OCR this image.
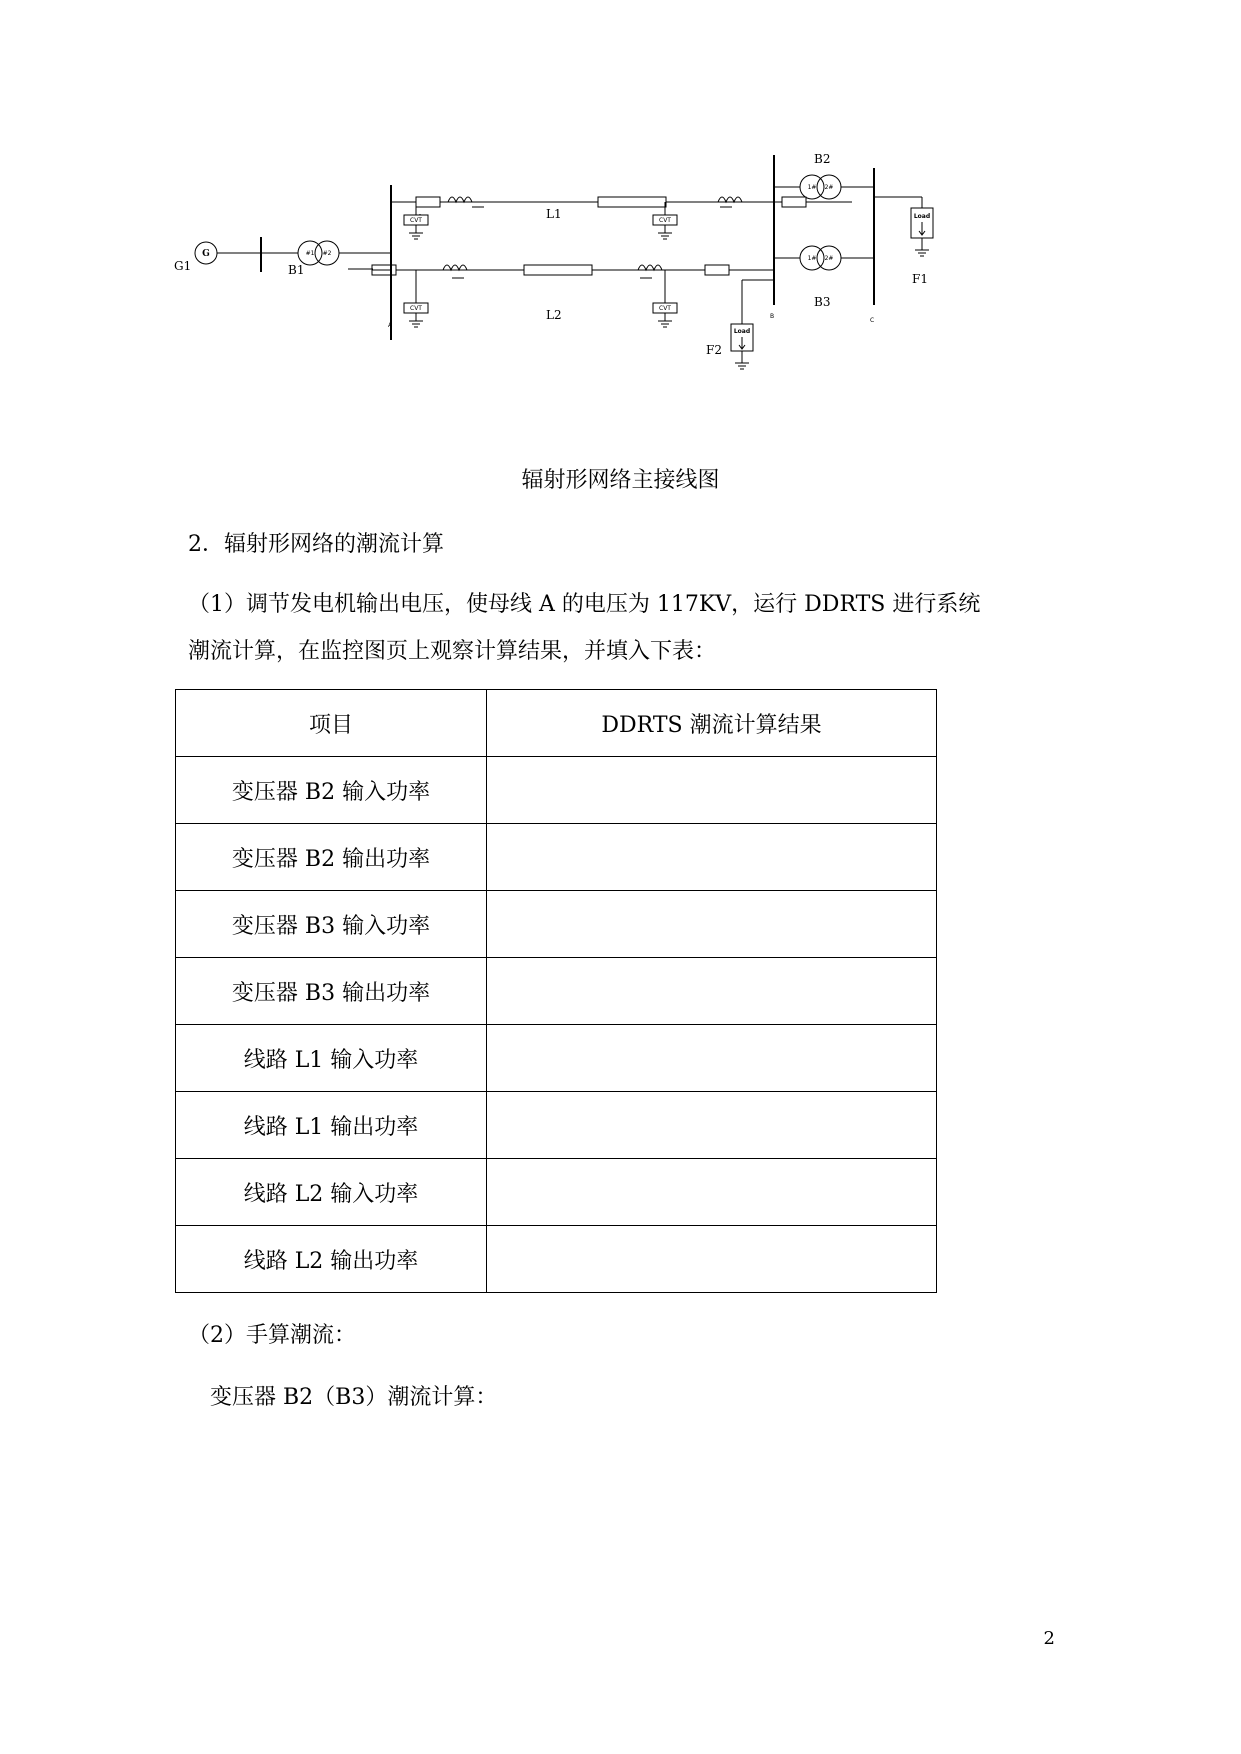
G
G1	B1
#1 #2
A
L1
L2
CVT	CVT
CVT	CVT
B
C
B2
B3
1# 2#
1# 2#
Load
Load
F1
F2
辐射形网络主接线图
2．辐射形网络的潮流计算
（1）调节发电机输出电压，使母线 A 的电压为 117KV，运行 DDRTS 进行系统
潮流计算，在监控图页上观察计算结果，并填入下表：
项目	DDRTS 潮流计算结果
变压器 B2 输入功率	
变压器 B2 输出功率	
变压器 B3 输入功率	
变压器 B3 输出功率	
线路 L1 输入功率	
线路 L1 输出功率	
线路 L2 输入功率	
线路 L2 输出功率	
（2）手算潮流：
变压器 B2（B3）潮流计算：
2
